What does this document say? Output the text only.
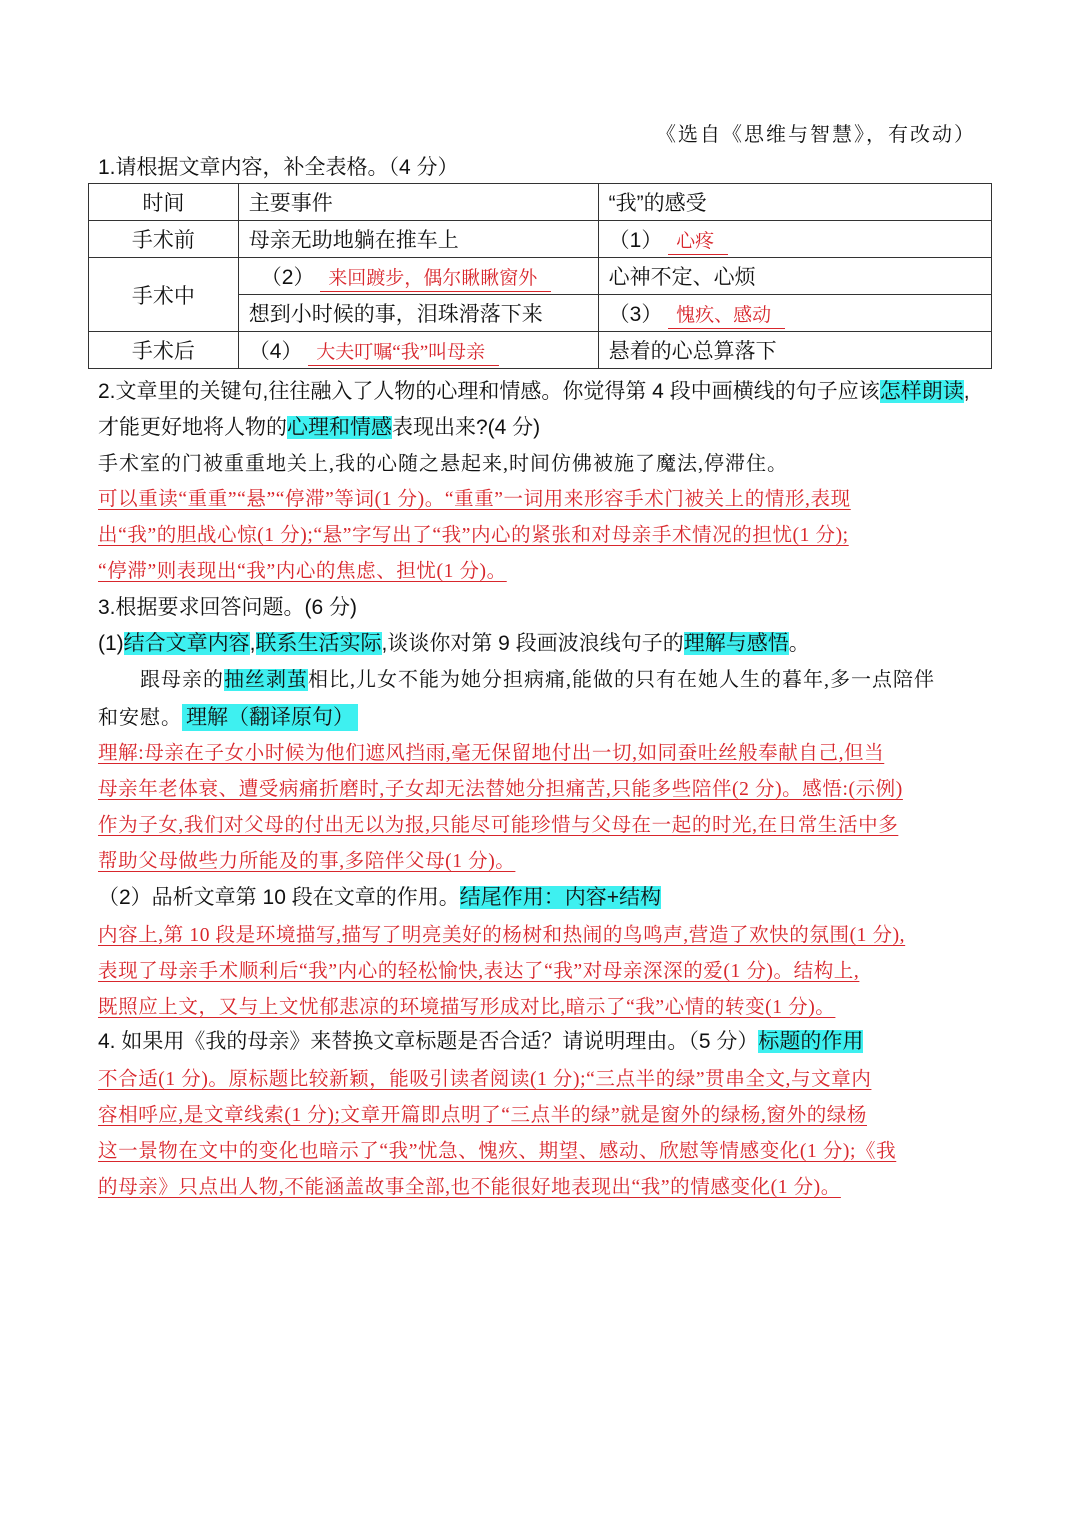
《选自《思维与智慧》，有改动）
1.请根据文章内容，补全表格。（4 分）
时间	主要事件	“我”的感受
手术前	母亲无助地躺在推车上	（1） 心疼
手术中	（2） 来回踱步，偶尔瞅瞅窗外	心神不定、心烦
	想到小时候的事，泪珠滑落下来	（3） 愧疚、感动
手术后	（4） 大夫叮嘱“我”叫母亲	悬着的心总算落下
2.文章里的关键句,往往融入了人物的心理和情感。你觉得第 4 段中画横线的句子应该怎样朗读,才能更好地将人物的心理和情感表现出来?(4 分)
手术室的门被重重地关上,我的心随之悬起来,时间仿佛被施了魔法,停滞住。
可以重读“重重”“悬”“停滞”等词(1 分)。“重重”一词用来形容手术门被关上的情形,表现
出“我”的胆战心惊(1 分);“悬”字写出了“我”内心的紧张和对母亲手术情况的担忧(1 分);
“停滞”则表现出“我”内心的焦虑、担忧(1 分)。
3.根据要求回答问题。(6 分)
(1)结合文章内容,联系生活实际,谈谈你对第 9 段画波浪线句子的理解与感悟。
跟母亲的抽丝剥茧相比,儿女不能为她分担病痛,能做的只有在她人生的暮年,多一点陪伴
和安慰。 理解（翻译原句）
理解:母亲在子女小时候为他们遮风挡雨,毫无保留地付出一切,如同蚕吐丝般奉献自己,但当
母亲年老体衰、遭受病痛折磨时,子女却无法替她分担痛苦,只能多些陪伴(2 分)。感悟:(示例)
作为子女,我们对父母的付出无以为报,只能尽可能珍惜与父母在一起的时光,在日常生活中多
帮助父母做些力所能及的事,多陪伴父母(1 分)。
（2）品析文章第 10 段在文章的作用。结尾作用：内容+结构
内容上,第 10 段是环境描写,描写了明亮美好的杨树和热闹的鸟鸣声,营造了欢快的氛围(1 分),
表现了母亲手术顺利后“我”内心的轻松愉快,表达了“我”对母亲深深的爱(1 分)。结构上,
既照应上文，又与上文忧郁悲凉的环境描写形成对比,暗示了“我”心情的转变(1 分)。
4. 如果用《我的母亲》来替换文章标题是否合适？请说明理由。（5 分）标题的作用
不合适(1 分)。原标题比较新颖，能吸引读者阅读(1 分);“三点半的绿”贯串全文,与文章内
容相呼应,是文章线索(1 分);文章开篇即点明了“三点半的绿”就是窗外的绿杨,窗外的绿杨
这一景物在文中的变化也暗示了“我”忧急、愧疚、期望、感动、欣慰等情感变化(1 分);《我
的母亲》只点出人物,不能涵盖故事全部,也不能很好地表现出“我”的情感变化(1 分)。
